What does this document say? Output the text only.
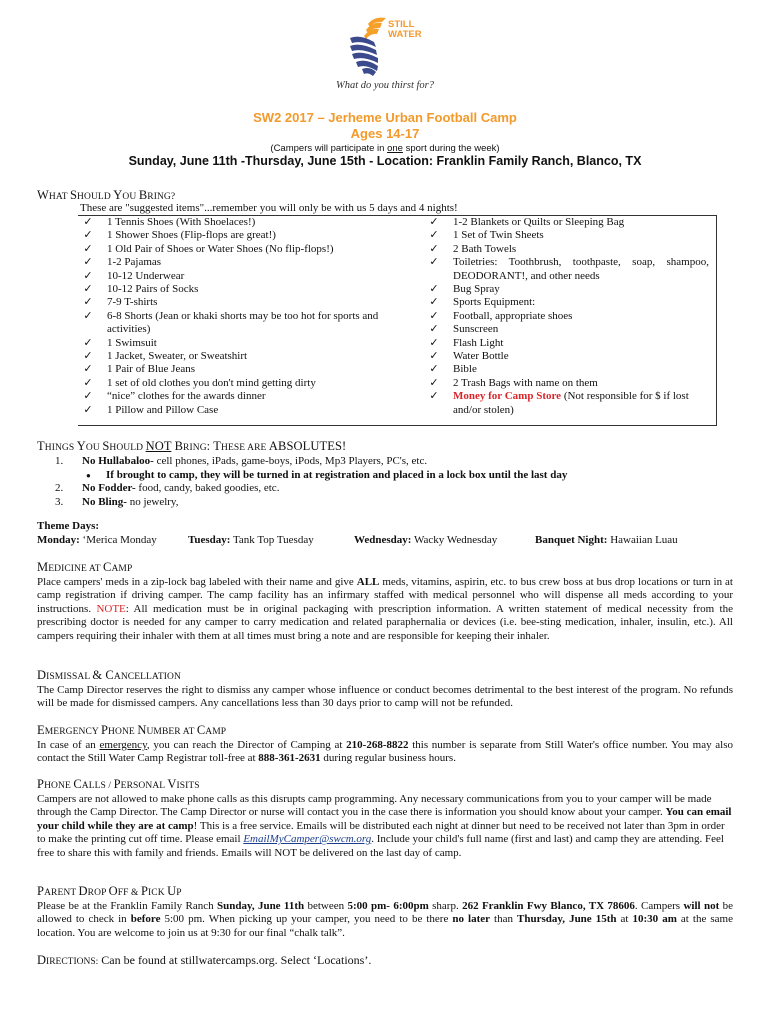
STILL
WATER
What do you thirst for?
SW2 2017 – Jerheme Urban Football Camp
Ages 14-17
(Campers will participate in one sport during the week)
Sunday, June 11th -Thursday, June 15th - Location: Franklin Family Ranch, Blanco, TX
WHAT SHOULD YOU BRING?
These are "suggested items"...remember you will only be with us 5 days and 4 nights!
✓ 1 Tennis Shoes (With Shoelaces!)
✓ 1 Shower Shoes (Flip-flops are great!)
✓ 1 Old Pair of Shoes or Water Shoes (No flip-flops!)
✓ 1-2 Pajamas
✓ 10-12 Underwear
✓ 10-12 Pairs of Socks
✓ 7-9 T-shirts
✓ 6-8 Shorts (Jean or khaki shorts may be too hot for sports and activities)
✓ 1 Swimsuit
✓ 1 Jacket, Sweater, or Sweatshirt
✓ 1 Pair of Blue Jeans
✓ 1 set of old clothes you don't mind getting dirty
✓ “nice” clothes for the awards dinner
✓ 1 Pillow and Pillow Case
✓ 1-2 Blankets or Quilts or Sleeping Bag
✓ 1 Set of Twin Sheets
✓ 2 Bath Towels
✓ Toiletries: Toothbrush, toothpaste, soap, shampoo, DEODORANT!, and other needs
✓ Bug Spray
✓ Sports Equipment:
✓ Football, appropriate shoes
✓ Sunscreen
✓ Flash Light
✓ Water Bottle
✓ Bible
✓ 2 Trash Bags with name on them
✓ Money for Camp Store (Not responsible for $ if lost and/or stolen)
THINGS YOU SHOULD NOT BRING: THESE ARE ABSOLUTES!
1. No Hullabaloo- cell phones, iPads, game-boys, iPods, Mp3 Players, PC's, etc.
● If brought to camp, they will be turned in at registration and placed in a lock box until the last day
2. No Fodder- food, candy, baked goodies, etc.
3. No Bling- no jewelry,
Theme Days:
Monday: ‘Merica Monday	Tuesday: Tank Top Tuesday	Wednesday: Wacky Wednesday	Banquet Night: Hawaiian Luau
MEDICINE AT CAMP
Place campers' meds in a zip-lock bag labeled with their name and give ALL meds, vitamins, aspirin, etc. to bus crew boss at bus drop locations or turn in at camp registration if driving camper. The camp facility has an infirmary staffed with medical personnel who will dispense all meds according to your instructions. NOTE: All medication must be in original packaging with prescription information. A written statement of medical necessity from the prescribing doctor is needed for any camper to carry medication and related paraphernalia or devices (i.e. bee-sting medication, inhaler, insulin, etc.). All campers requiring their inhaler with them at all times must bring a note and are responsible for keeping their inhaler.
DISMISSAL & CANCELLATION
The Camp Director reserves the right to dismiss any camper whose influence or conduct becomes detrimental to the best interest of the program. No refunds will be made for dismissed campers. Any cancellations less than 30 days prior to camp will not be refunded.
EMERGENCY PHONE NUMBER AT CAMP
In case of an emergency, you can reach the Director of Camping at 210-268-8822 this number is separate from Still Water's office number. You may also contact the Still Water Camp Registrar toll-free at 888-361-2631 during regular business hours.
PHONE CALLS / PERSONAL VISITS
Campers are not allowed to make phone calls as this disrupts camp programming. Any necessary communications from you to your camper will be made through the Camp Director. The Camp Director or nurse will contact you in the case there is information you should know about your camper. You can email your child while they are at camp! This is a free service. Emails will be distributed each night at dinner but need to be received not later than 3pm in order to make the printing cut off time. Please email EmailMyCamper@swcm.org. Include your child's full name (first and last) and camp they are attending. Feel free to share this with family and friends. Emails will NOT be delivered on the last day of camp.
PARENT DROP OFF & PICK UP
Please be at the Franklin Family Ranch Sunday, June 11th between 5:00 pm- 6:00pm sharp. 262 Franklin Fwy Blanco, TX 78606. Campers will not be allowed to check in before 5:00 pm. When picking up your camper, you need to be there no later than Thursday, June 15th at 10:30 am at the same location. You are welcome to join us at 9:30 for our final “chalk talk”.
DIRECTIONS: Can be found at stillwatercamps.org. Select ‘Locations’.
